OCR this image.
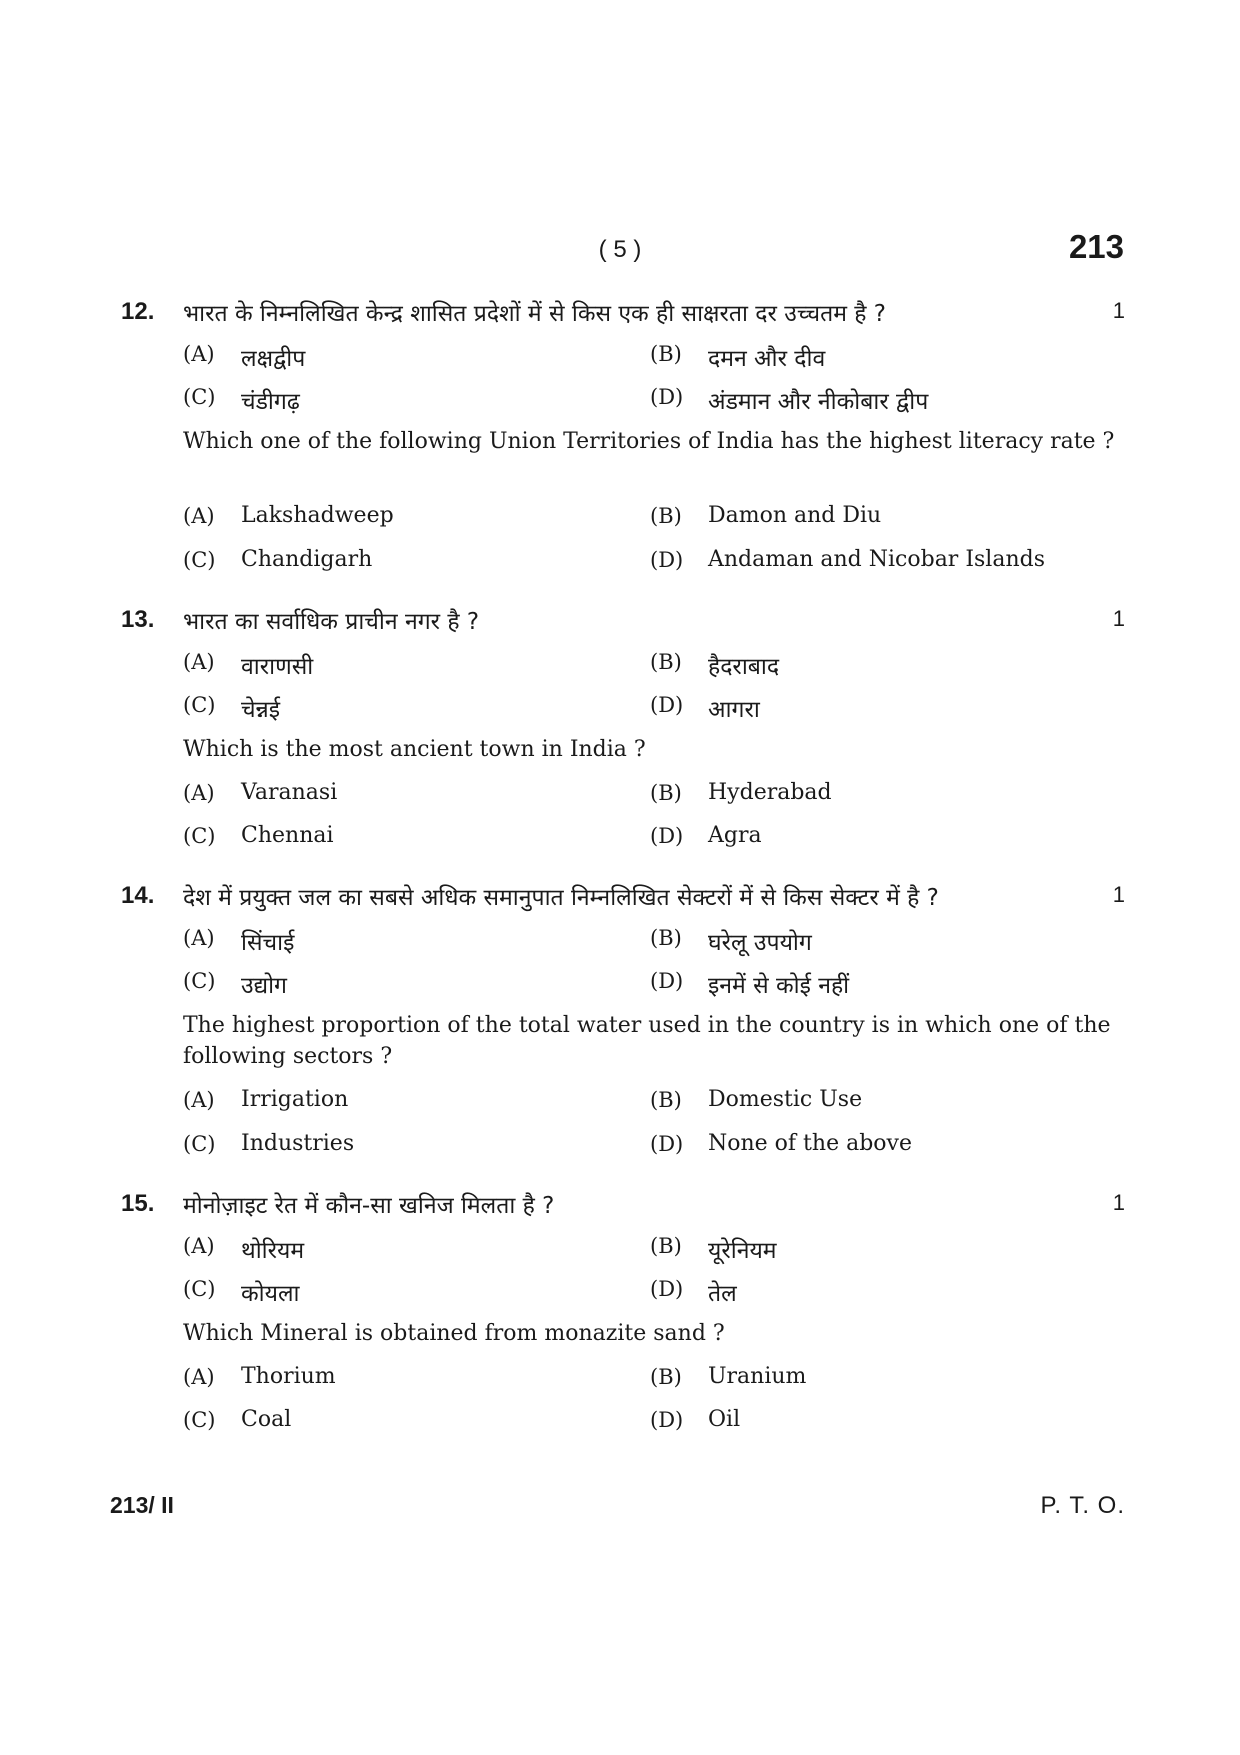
( 5 )	213
12. भारत के निम्नलिखित केन्द्र शासित प्रदेशों में से किस एक ही साक्षरता दर उच्चतम है ?	1
(A) लक्षद्वीप	(B) दमन और दीव
(C) चंडीगढ़	(D) अंडमान और नीकोबार द्वीप
Which one of the following Union Territories of India has the highest literacy rate ?
(A) Lakshadweep	(B) Damon and Diu
(C) Chandigarh	(D) Andaman and Nicobar Islands
13. भारत का सर्वाधिक प्राचीन नगर है ?	1
(A) वाराणसी	(B) हैदराबाद
(C) चेन्नई	(D) आगरा
Which is the most ancient town in India ?
(A) Varanasi	(B) Hyderabad
(C) Chennai	(D) Agra
14. देश में प्रयुक्त जल का सबसे अधिक समानुपात निम्नलिखित सेक्टरों में से किस सेक्टर में है ?	1
(A) सिंचाई	(B) घरेलू उपयोग
(C) उद्योग	(D) इनमें से कोई नहीं
The highest proportion of the total water used in the country is in which one of the following sectors ?
(A) Irrigation	(B) Domestic Use
(C) Industries	(D) None of the above
15. मोनोज़ाइट रेत में कौन-सा खनिज मिलता है ?	1
(A) थोरियम	(B) यूरेनियम
(C) कोयला	(D) तेल
Which Mineral is obtained from monazite sand ?
(A) Thorium	(B) Uranium
(C) Coal	(D) Oil
213/ II	P. T. O.
